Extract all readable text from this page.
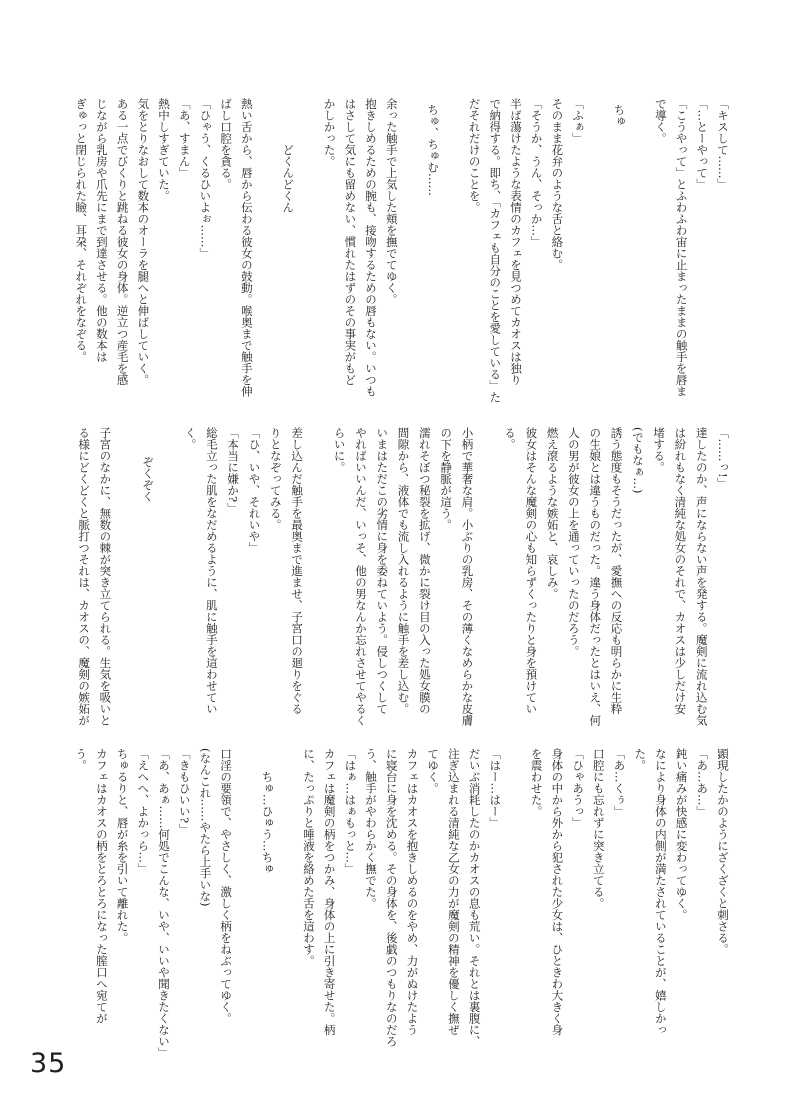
「キスして……」

「…とーやって」

「こうやって」とふわふわ宙に止まったままの触手を唇ま

で導く。

ちゅ

「ふぁ」

そのまま花弁のような舌と絡む。

「そうか、うん、そっか…」

半ば蕩けたような表情のカフェを見つめてカオスは独り

で納得する。即ち、「カフェも自分のことを愛している」た

だそれだけのことを。

ちゅ、ちゅむ……

余った触手で上気した頬を撫でてゆく。

抱きしめるための腕も、接吻するための唇もない。いつも

はさして気にも留めない、慣れたはずのその事実がもど

かしかった。

どくんどくん

熱い舌から、唇から伝わる彼女の鼓動。喉奥まで触手を伸

ばし口腔を貪る。

「ひゃう、くるひいよぉ……」

「あ、すまん」

熱中しすぎていた。

気をとりなおして数本のオーラを腿へと伸ばしていく。

ある一点でびくりと跳ねる彼女の身体。逆立つ産毛を感

じながら乳房や爪先にまで到達させる。他の数本は

ぎゅっと閉じられた瞼、耳朶、それぞれをなぞる。

「……っ!」

達したのか、声にならない声を発する。魔剣に流れ込む気

は紛れもなく清純な処女のそれで、カオスは少しだけ安

堵する。

(でもなぁ…)

誘う態度もそうだったが、愛撫への反応も明らかに生粋

の生娘とは違うものだった。違う身体だったとはいえ、何

人の男が彼女の上を通っていったのだろう。

燃え滾るような嫉妬と、哀しみ。

彼女はそんな魔剣の心も知らずくったりと身を預けてい

る。

小柄で華奢な肩。小ぶりの乳房、その薄くなめらかな皮膚

の下を静脈が這う。

濡れそぼつ秘裂を拡げ、微かに裂け目の入った処女膜の

間隙から、液体でも流し入れるように触手を差し込む。

いまはただこの劣情に身を委ねていよう。侵しつくして

やればいいんだ、いっそ、他の男なんか忘れさせてやるく

らいに。

差し込んだ触手を最奥まで進ませ、子宮口の廻りをぐる

りとなぞってみる。

「ひ、いや、それいや」

「本当に嫌か?」

総毛立った肌をなだめるように、肌に触手を這わせてい

く。

ぞくぞく

子宮のなかに、無数の棘が突き立てられる。生気を吸いと

る様にどくどくと脈打つそれは、カオスの、魔剣の嫉妬が

顕現したかのようにざくざくと刺さる。

「あ…あ…」

鈍い痛みが快感に変わってゆく。

なにより身体の内側が満たされていることが、嬉しかっ

た。

「あ…くぅ」

口腔にも忘れずに突き立てる。

「ひゃあうっ」

身体の中から外から犯された少女は、ひときわ大きく身

を震わせた。

「はー…はー」

だいぶ消耗したのかカオスの息も荒い。それとは裏腹に、

注ぎ込まれる清純な乙女の力が魔剣の精神を優しく撫ぜ

てゆく。

カフェはカオスを抱きしめるのをやめ、力がぬけたよう

に寝台に身を沈める。その身体を、後戯のつもりなのだろ

う、触手がやわらかく撫でた。

「はぁ…はぁもっと…」

カフェは魔剣の柄をつかみ、身体の上に引き寄せた。柄

に、たっぷりと唾液を絡めた舌を這わす。

ちゅ…ひゅう…ちゅ

口淫の要領で、やさしく、激しく柄をねぶってゆく。

(なんこれ……やたら上手いな)

「きもひいい?」

「あ、あぁ……何処でこんな、いや、いいや聞きたくない」

「えへへ、よかっら…」

ちゅるりと、唇が糸を引いて離れた。

カフェはカオスの柄をとろとろになった膣口へ宛てが

う。

35
